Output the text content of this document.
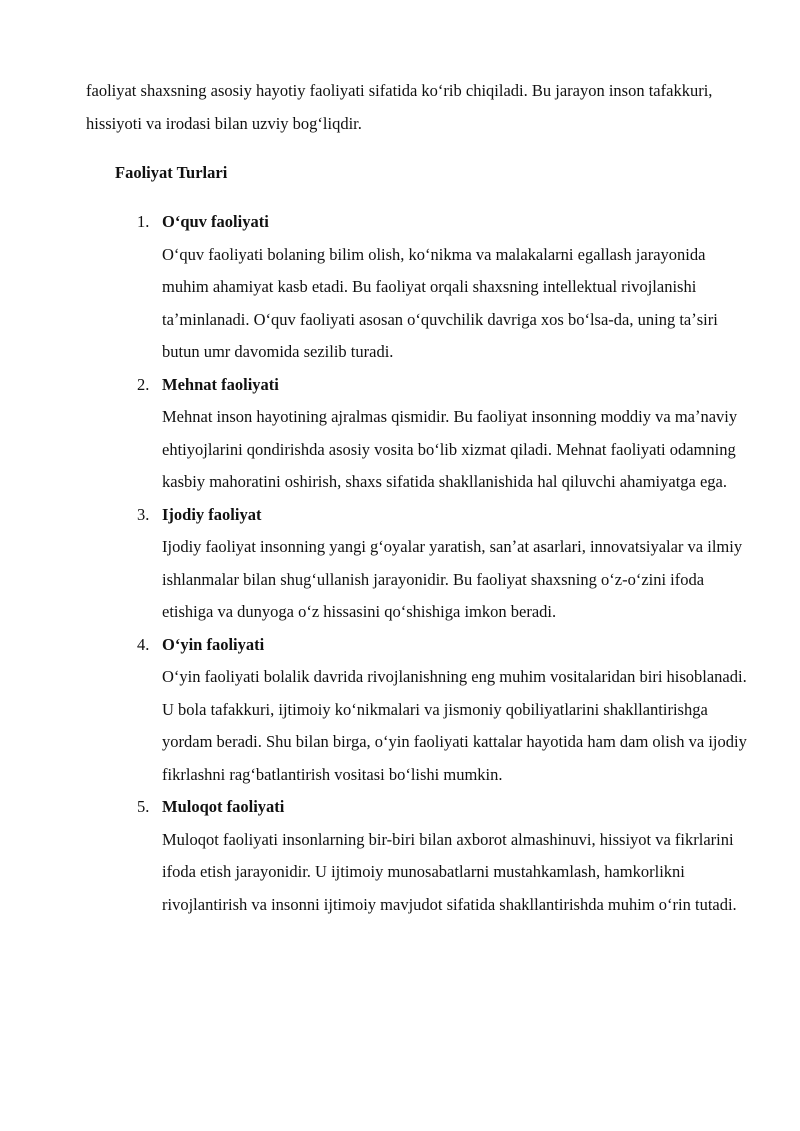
faoliyat shaxsning asosiy hayotiy faoliyati sifatida koʻrib chiqiladi. Bu jarayon inson tafakkuri, hissiyoti va irodasi bilan uzviy bogʻliqdir.

Faoliyat Turlari
1. Oʻquv faoliyati
Oʻquv faoliyati bolaning bilim olish, koʻnikma va malakalarni egallash jarayonida muhim ahamiyat kasb etadi. Bu faoliyat orqali shaxsning intellektual rivojlanishi taʼminlanadi. Oʻquv faoliyati asosan oʻquvchilik davriga xos boʻlsa-da, uning taʼsiri butun umr davomida sezilib turadi.
2. Mehnat faoliyati
Mehnat inson hayotining ajralmas qismidir. Bu faoliyat insonning moddiy va maʼnaviy ehtiyojlarini qondirishda asosiy vosita boʻlib xizmat qiladi. Mehnat faoliyati odamning kasbiy mahoratini oshirish, shaxs sifatida shakllanishida hal qiluvchi ahamiyatga ega.
3. Ijodiy faoliyat
Ijodiy faoliyat insonning yangi gʻoyalar yaratish, sanʼat asarlari, innovatsiyalar va ilmiy ishlanmalar bilan shugʻullanish jarayonidir. Bu faoliyat shaxsning oʻz-oʻzini ifoda etishiga va dunyoga oʻz hissasini qoʻshishiga imkon beradi.
4. Oʻyin faoliyati
Oʻyin faoliyati bolalik davrida rivojlanishning eng muhim vositalaridan biri hisoblanadi. U bola tafakkuri, ijtimoiy koʻnikmalari va jismoniy qobiliyatlarini shakllantirishga yordam beradi. Shu bilan birga, oʻyin faoliyati kattalar hayotida ham dam olish va ijodiy fikrlashni ragʻbatlantirish vositasi boʻlishi mumkin.
5. Muloqot faoliyati
Muloqot faoliyati insonlarning bir-biri bilan axborot almashinuvi, hissiyot va fikrlarini ifoda etish jarayonidir. U ijtimoiy munosabatlarni mustahkamlash, hamkorlikni rivojlantirish va insonni ijtimoiy mavjudot sifatida shakllantirishda muhim oʻrin tutadi.
